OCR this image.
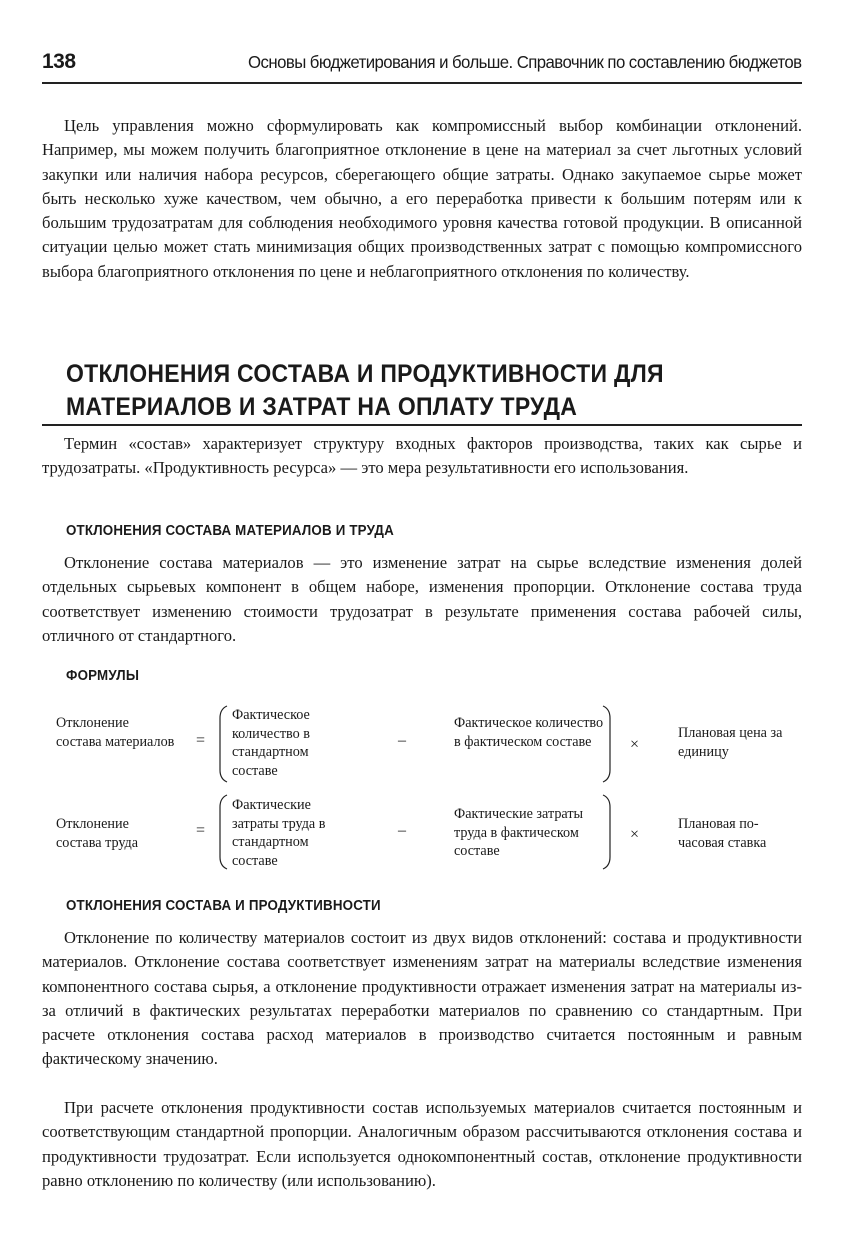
138	Основы бюджетирования и больше. Справочник по составлению бюджетов

Цель управления можно сформулировать как компромиссный выбор комбинации отклонений. Например, мы можем получить благоприятное отклонение в цене на материал за счет льготных условий закупки или наличия набора ресурсов, сберегающего общие затраты. Однако закупаемое сырье может быть несколько хуже качеством, чем обычно, а его переработка привести к большим потерям или к большим трудозатратам для соблюдения необходимого уровня качества готовой продукции. В описанной ситуации целью может стать минимизация общих производственных затрат с помощью компромиссного выбора благоприятного отклонения по цене и неблагоприятного отклонения по количеству.

ОТКЛОНЕНИЯ СОСТАВА И ПРОДУКТИВНОСТИ ДЛЯ
МАТЕРИАЛОВ И ЗАТРАТ НА ОПЛАТУ ТРУДА

Термин «состав» характеризует структуру входных факторов производства, таких как сырье и трудозатраты. «Продуктивность ресурса» — это мера результативности его использования.

ОТКЛОНЕНИЯ СОСТАВА МАТЕРИАЛОВ И ТРУДА

Отклонение состава материалов — это изменение затрат на сырье вследствие изменения долей отдельных сырьевых компонент в общем наборе, изменения пропорции. Отклонение состава труда соответствует изменению стоимости трудозатрат в результате применения состава рабочей силы, отличного от стандартного.

ФОРМУЛЫ
Отклонение состава материалов =
Фактическое количество в стандартном составе
–
Фактическое количество в фактическом составе	×
Плановая цена за единицу
Отклонение состава труда
=
Фактические затраты труда в стандартном составе
–
Фактические затраты труда в фактическом составе
×
Плановая почасовая ставка
ОТКЛОНЕНИЯ СОСТАВА И ПРОДУКТИВНОСТИ

Отклонение по количеству материалов состоит из двух видов отклонений: состава и продуктивности материалов. Отклонение состава соответствует изменениям затрат на материалы вследствие изменения компонентного состава сырья, а отклонение продуктивности отражает изменения затрат на материалы из-за отличий в фактических результатах переработки материалов по сравнению со стандартным. При расчете отклонения состава расход материалов в производство считается постоянным и равным фактическому значению.

При расчете отклонения продуктивности состав используемых материалов считается постоянным и соответствующим стандартной пропорции. Аналогичным образом рассчитываются отклонения состава и продуктивности трудозатрат. Если используется однокомпонентный состав, отклонение продуктивности равно отклонению по количеству (или использованию).
